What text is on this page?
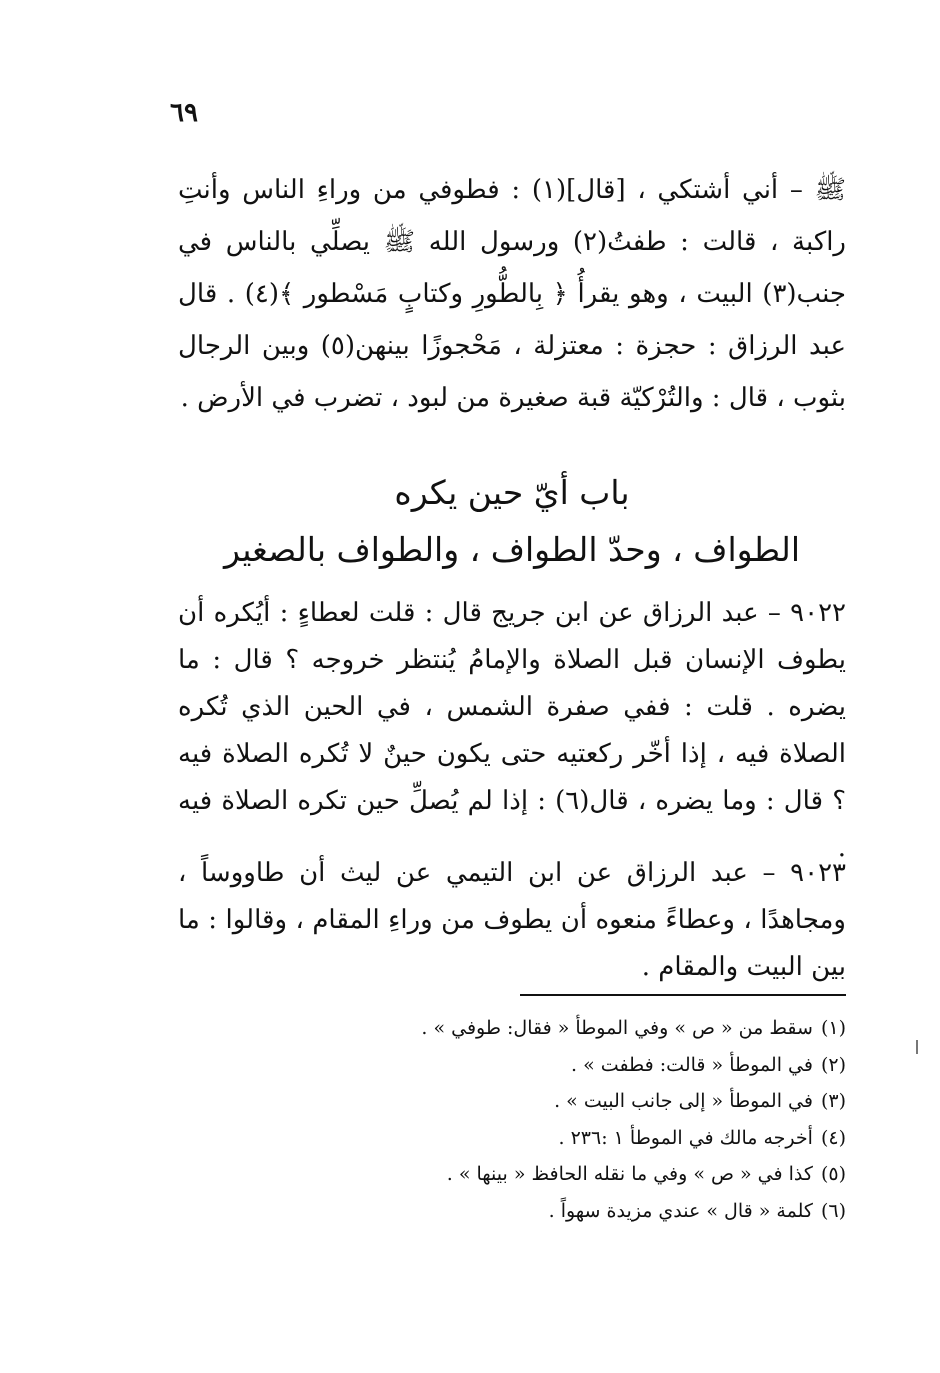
٦٩

ﷺ – أني أشتكي ، [قال](١) : فطوفي من وراءِ الناس وأنتِ راكبة ، قالت : طفتُ(٢) ورسول الله ﷺ يصلِّي بالناس في جنب(٣) البيت ، وهو يقرأُ ﴿ بِالطُّورِ وكتابٍ مَسْطور ﴾(٤) . قال عبد الرزاق : حجزة : معتزلة ، مَحْجوزًا بينهن(٥) وبين الرجال بثوب ، قال : والتُرْكيّة قبة صغيرة من لبود ، تضرب في الأرض .

باب أيّ حين يكره
الطواف ، وحدّ الطواف ، والطواف بالصغير

٩٠٢٢ – عبد الرزاق عن ابن جريج قال : قلت لعطاءٍ : أيُكره أن يطوف الإنسان قبل الصلاة والإمامُ يُنتظر خروجه ؟ قال : ما يضره . قلت : ففي صفرة الشمس ، في الحين الذي تُكره الصلاة فيه ، إذا أخّر ركعتيه حتى يكون حينٌ لا تُكره الصلاة فيه ؟ قال : وما يضره ، قال(٦) : إذا لم يُصلِّ حين تكره الصلاة فيه .

٩٠٢٣ – عبد الرزاق عن ابن التيمي عن ليث أن طاووساً ، ومجاهدًا ، وعطاءً منعوه أن يطوف من وراءِ المقام ، وقالوا : ما بين البيت والمقام .

(١)سقط من « ص » وفي الموطأ « فقال: طوفي » .
(٢)في الموطأ « قالت: فطفت » .
(٣)في الموطأ « إلى جانب البيت » .
(٤)أخرجه مالك في الموطأ ١ :٢٣٦ .
(٥)كذا في « ص » وفي ما نقله الحافظ « بينها » .
(٦)كلمة « قال » عندي مزيدة سهواً .
